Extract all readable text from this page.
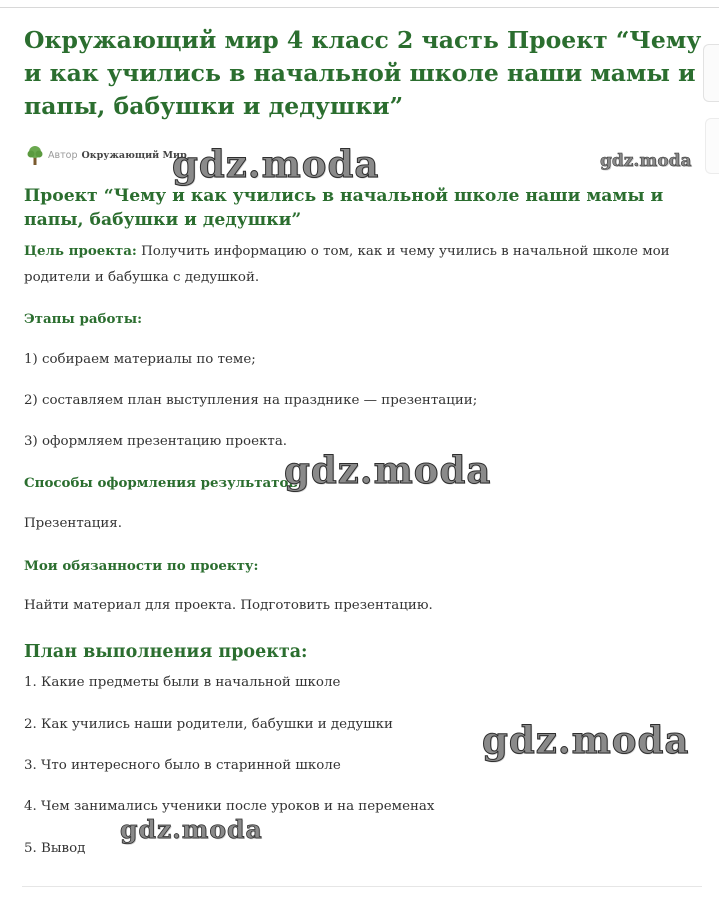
Окружающий мир 4 класс 2 часть Проект “Чему и как учились в начальной школе наши мамы и папы, бабушки и дедушки”
Автор Окружающий Мир
Проект “Чему и как учились в начальной школе наши мамы и папы, бабушки и дедушки”

Цель проекта: Получить информацию о том, как и чему учились в начальной школе мои родители и бабушка с дедушкой.

Этапы работы:

1) собираем материалы по теме;

2) составляем план выступления на празднике — презентации;

3) оформляем презентацию проекта.

Способы оформления результатов:

Презентация.

Мои обязанности по проекту:

Найти материал для проекта. Подготовить презентацию.

План выполнения проекта:

1. Какие предметы были в начальной школе

2. Как учились наши родители, бабушки и дедушки

3. Что интересного было в старинной школе

4. Чем занимались ученики после уроков и на переменах

5. Вывод

gdz.moda	gdz.moda
gdz.moda
gdz.moda
gdz.moda
